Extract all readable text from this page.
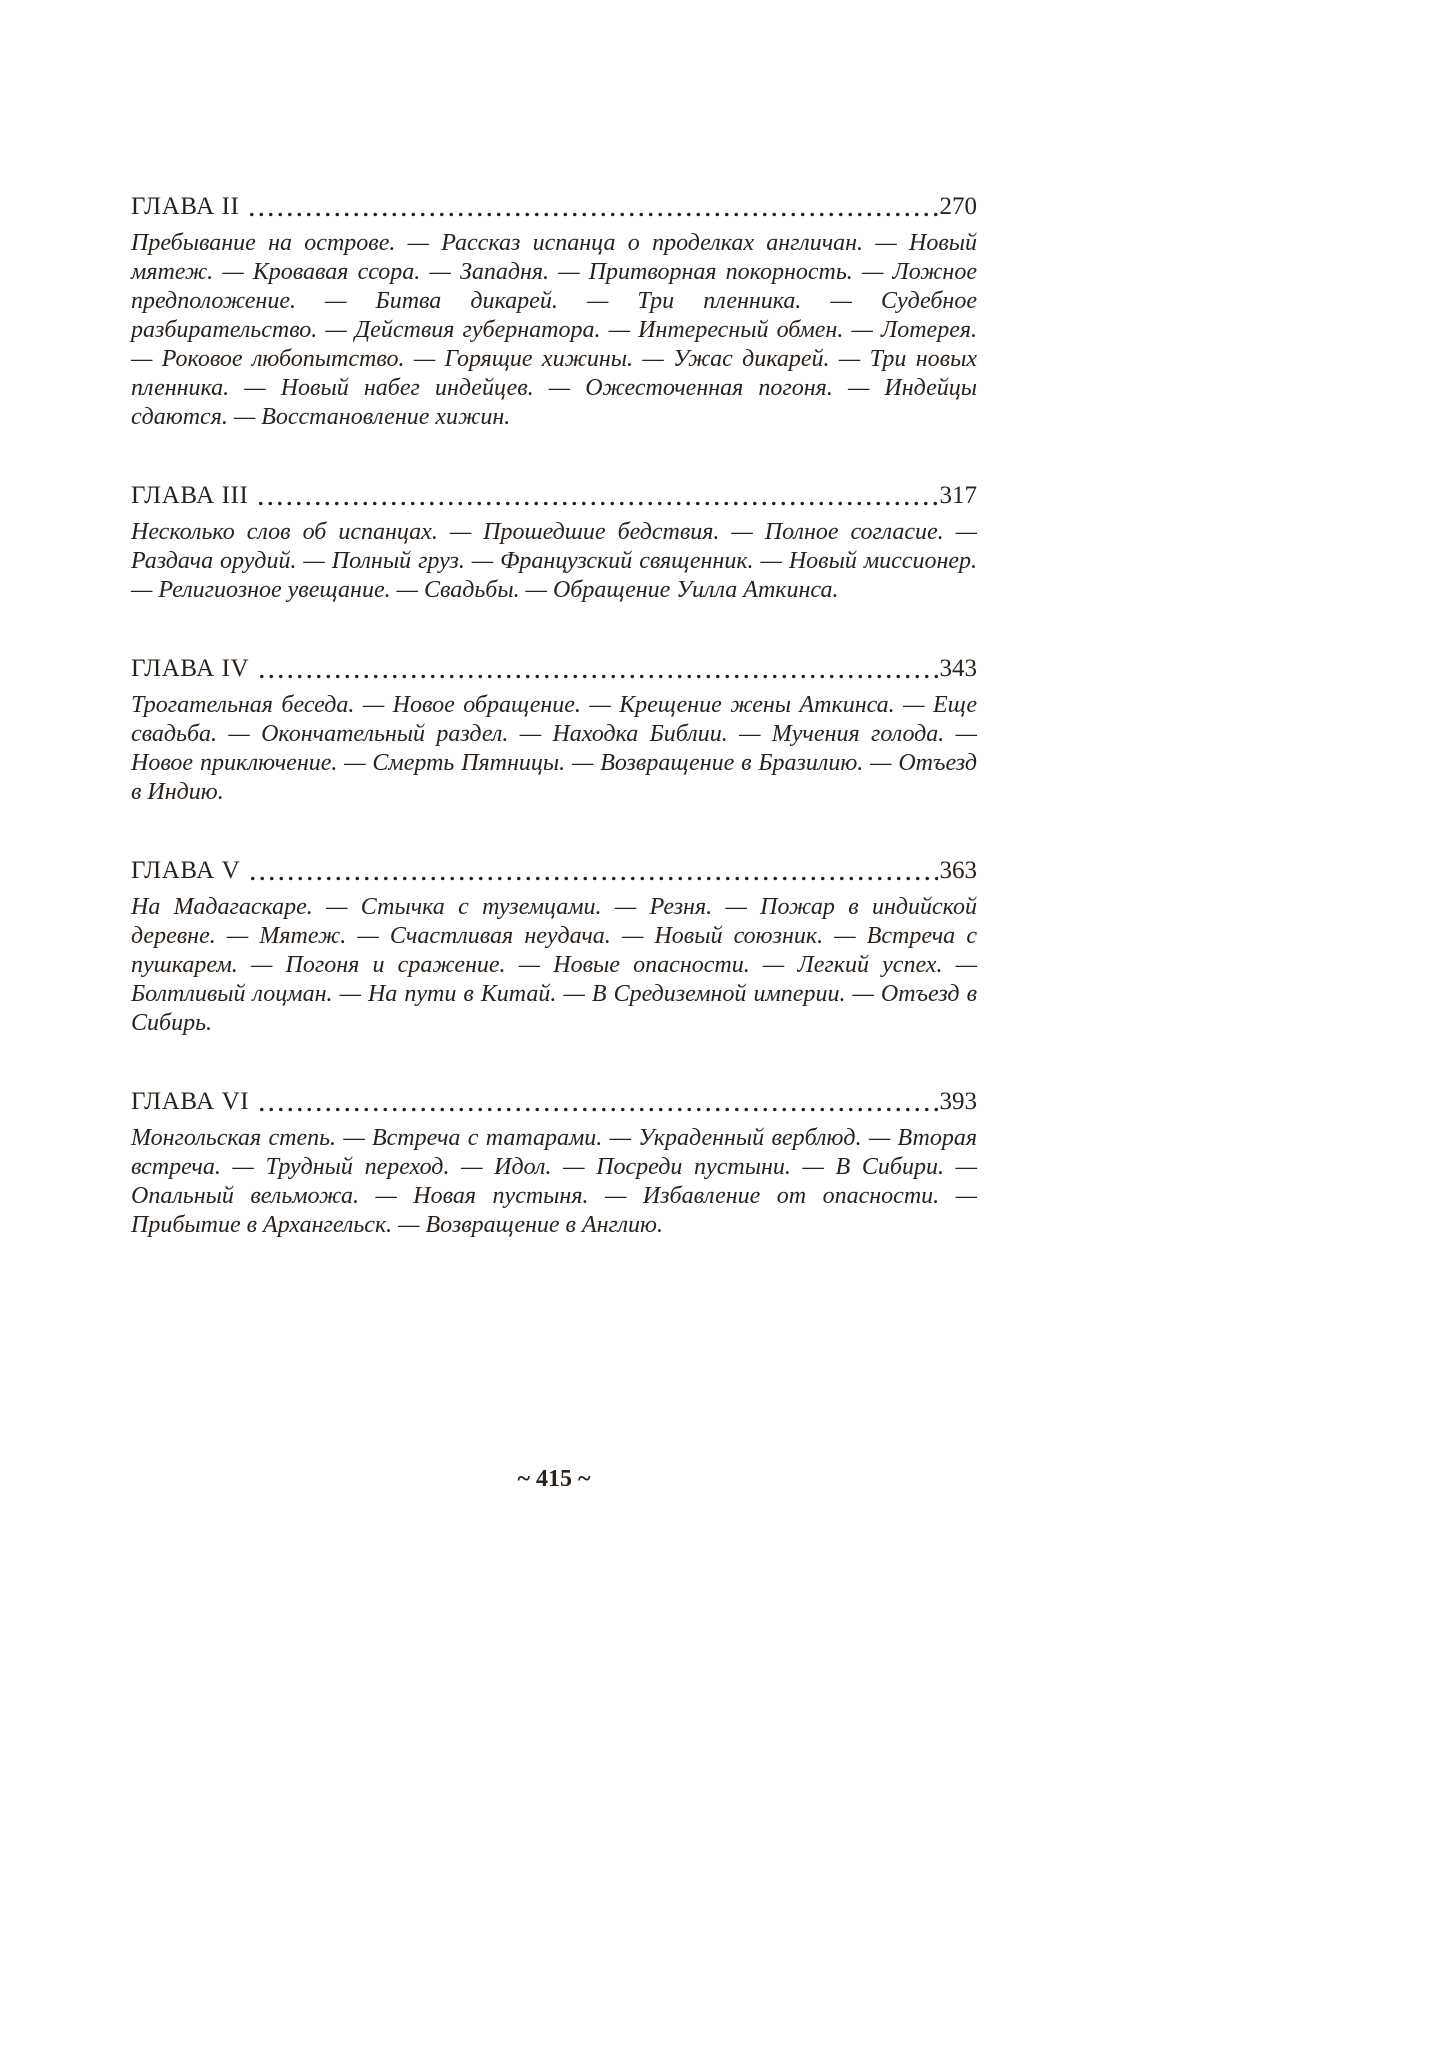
ГЛАВА II	270

Пребывание на острове. — Рассказ испанца о проделках англичан. — Новый мятеж. — Кровавая ссора. — Западня. — Притворная покорность. — Ложное предположение. — Битва дикарей. — Три пленника. — Судебное разбирательство. — Действия губернатора. — Интересный обмен. — Лотерея. — Роковое любопытство. — Горящие хижины. — Ужас дикарей. — Три новых пленника. — Новый набег индейцев. — Ожесточенная погоня. — Индейцы сдаются. — Восстановление хижин.

ГЛАВА III	317

Несколько слов об испанцах. — Прошедшие бедствия. — Полное согласие. — Раздача орудий. — Полный груз. — Французский священник. — Новый миссионер. — Религиозное увещание. — Свадьбы. — Обращение Уилла Аткинса.

ГЛАВА IV	343

Трогательная беседа. — Новое обращение. — Крещение жены Аткинса. — Еще свадьба. — Окончательный раздел. — Находка Библии. — Мучения голода. — Новое приключение. — Смерть Пятницы. — Возвращение в Бразилию. — Отъезд в Индию.

ГЛАВА V	363

На Мадагаскаре. — Стычка с туземцами. — Резня. — Пожар в индийской деревне. — Мятеж. — Счастливая неудача. — Новый союзник. — Встреча с пушкарем. — Погоня и сражение. — Новые опасности. — Легкий успех. — Болтливый лоцман. — На пути в Китай. — В Средиземной империи. — Отъезд в Сибирь.

ГЛАВА VI	393

Монгольская степь. — Встреча с татарами. — Украденный верблюд. — Вторая встреча. — Трудный переход. — Идол. — Посреди пустыни. — В Сибири. — Опальный вельможа. — Новая пустыня. — Избавление от опасности. — Прибытие в Архангельск. — Возвращение в Англию.

~ 415 ~
